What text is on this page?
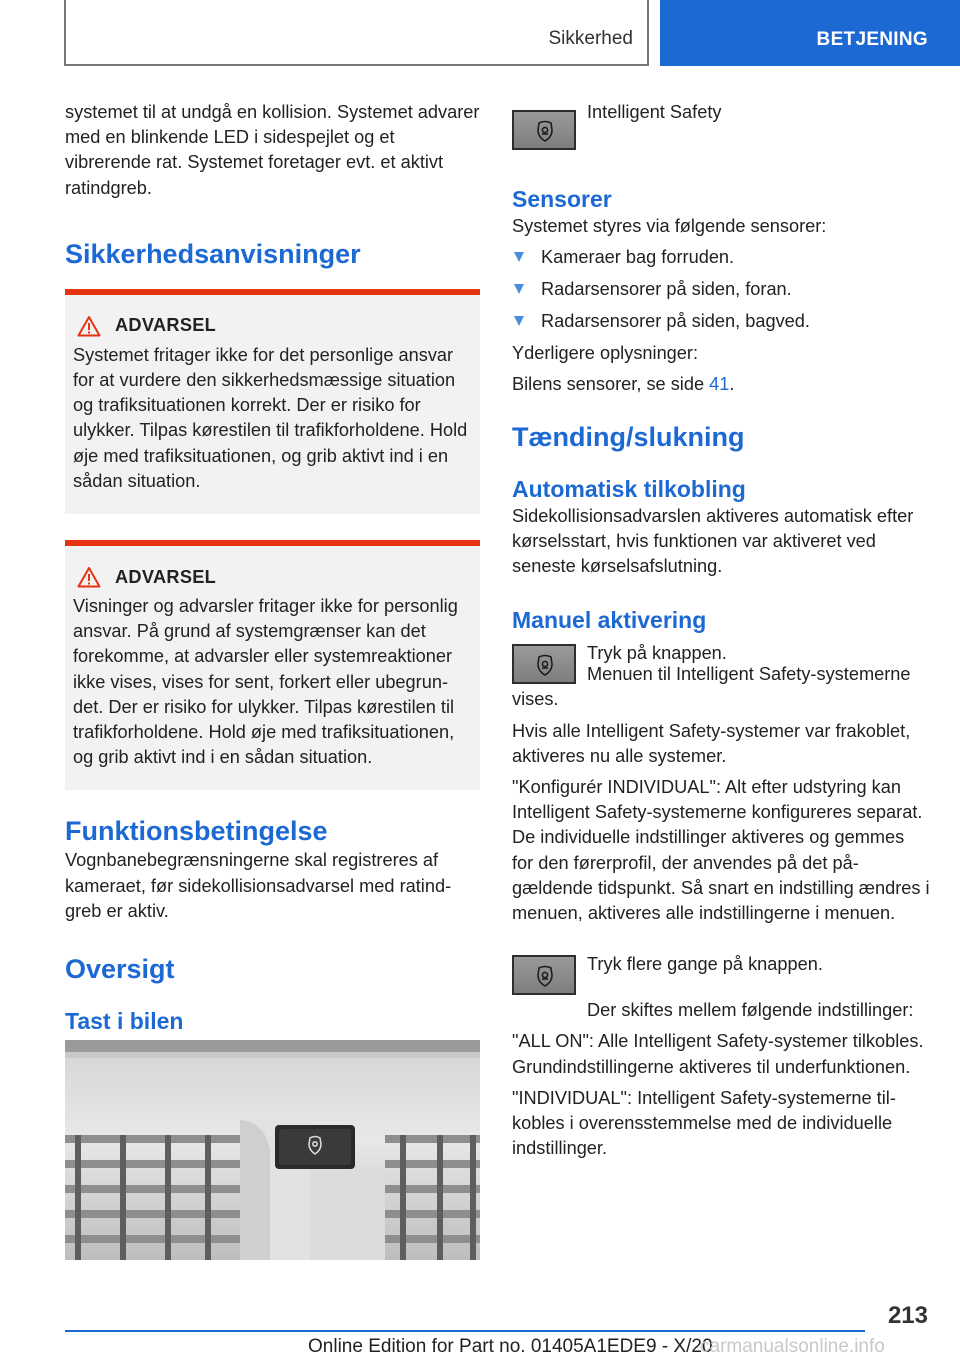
Sikkerhed	BETJENING

systemet til at undgå en kollision. Systemet advarer med en blinkende LED i sidespejlet og et vibrerende rat. Systemet foretager evt. et aktivt ratindgreb.

Sikkerhedsanvisninger
ADVARSEL

Systemet fritager ikke for det personlige ansvar for at vurdere den sikkerhedsmæssige situation og trafiksituationen korrekt. Der er risiko for ulykker. Tilpas kørestilen til trafikforholdene. Hold øje med trafiksituationen, og grib aktivt ind i en sådan situation.

ADVARSEL

Visninger og advarsler fritager ikke for personlig ansvar. På grund af systemgrænser kan det forekomme, at advarsler eller systemreaktioner ikke vises, vises for sent, forkert eller ubegrundet. Der er risiko for ulykker. Tilpas kørestilen til trafikforholdene. Hold øje med trafiksituationen, og grib aktivt ind i en sådan situation.

Funktionsbetingelse

Vognbanebegrænsningerne skal registreres af kameraet, før sidekollisionsadvarsel med ratindgreb er aktiv.

Oversigt
Tast i bilen

Intelligent Safety

Sensorer

Systemet styres via følgende sensorer:

Kameraer bag forruden.
Radarsensorer på siden, foran.
Radarsensorer på siden, bagved.

Yderligere oplysninger:

Bilens sensorer, se side 41.

Tænding/slukning
Automatisk tilkobling

Sidekollisionsadvarslen aktiveres automatisk efter kørselsstart, hvis funktionen var aktiveret ved seneste kørselsafslutning.

Manuel aktivering

Tryk på knappen.

Menuen til Intelligent Safety-systemerne vises.

Hvis alle Intelligent Safety-systemer var frakoblet, aktiveres nu alle systemer.

"Konfigurér INDIVIDUAL": Alt efter udstyring kan Intelligent Safety-systemerne konfigureres separat. De individuelle indstillinger aktiveres og gemmes for den førerprofil, der anvendes på det pågældende tidspunkt. Så snart en indstilling ændres i menuen, aktiveres alle indstillingerne i menuen.

Tryk flere gange på knappen.

Der skiftes mellem følgende indstillinger:

"ALL ON": Alle Intelligent Safety-systemer tilkobles. Grundindstillingerne aktiveres til underfunktionen.

"INDIVIDUAL": Intelligent Safety-systemerne tilkobles i overensstemmelse med de individuelle indstillinger.

213
Online Edition for Part no. 01405A1EDE9 - X/20
carmanualsonline.info
